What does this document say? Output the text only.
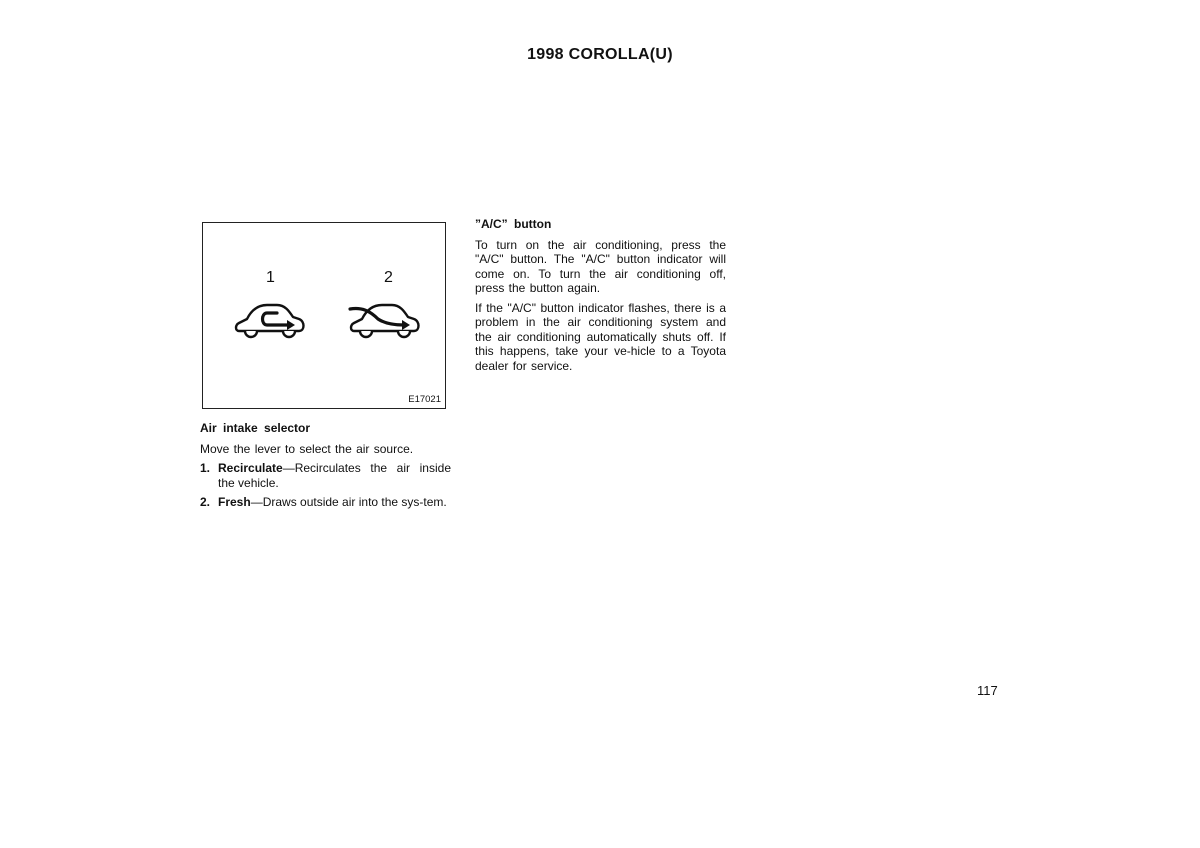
1998 COROLLA(U)
1	2
E17021
Air intake selector

Move the lever to select the air source.

1. Recirculate—Recirculates the air inside the vehicle.
2. Fresh—Draws outside air into the sys-tem.
”A/C” button

To turn on the air conditioning, press the "A/C" button. The "A/C" button indicator will come on. To turn the air conditioning off, press the button again.

If the "A/C" button indicator flashes, there is a problem in the air conditioning system and the air conditioning automatically shuts off. If this happens, take your ve-hicle to a Toyota dealer for service.

117
